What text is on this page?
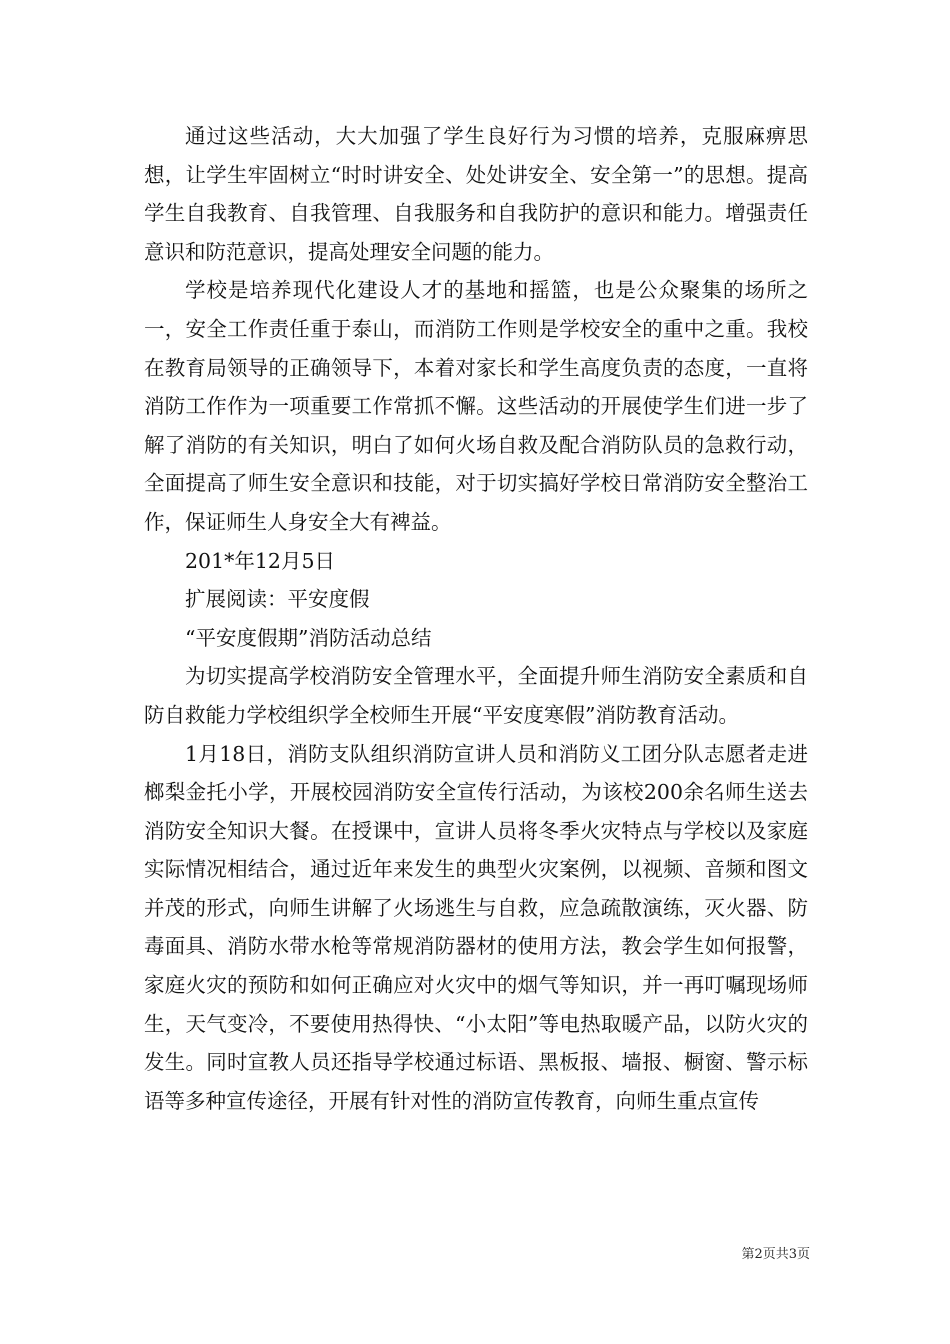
通过这些活动，大大加强了学生良好行为习惯的培养，克服麻痹思想，让学生牢固树立“时时讲安全、处处讲安全、安全第一”的思想。提高学生自我教育、自我管理、自我服务和自我防护的意识和能力。增强责任意识和防范意识，提高处理安全问题的能力。

学校是培养现代化建设人才的基地和摇篮，也是公众聚集的场所之一，安全工作责任重于泰山，而消防工作则是学校安全的重中之重。我校在教育局领导的正确领导下，本着对家长和学生高度负责的态度，一直将消防工作作为一项重要工作常抓不懈。这些活动的开展使学生们进一步了解了消防的有关知识，明白了如何火场自救及配合消防队员的急救行动，全面提高了师生安全意识和技能，对于切实搞好学校日常消防安全整治工作，保证师生人身安全大有裨益。

201*年12月5日

扩展阅读：平安度假

“平安度假期”消防活动总结

为切实提高学校消防安全管理水平，全面提升师生消防安全素质和自防自救能力学校组织学全校师生开展“平安度寒假”消防教育活动。

1月18日，消防支队组织消防宣讲人员和消防义工团分队志愿者走进榔梨金托小学，开展校园消防安全宣传行活动，为该校200余名师生送去消防安全知识大餐。在授课中，宣讲人员将冬季火灾特点与学校以及家庭实际情况相结合，通过近年来发生的典型火灾案例，以视频、音频和图文并茂的形式，向师生讲解了火场逃生与自救，应急疏散演练，灭火器、防毒面具、消防水带水枪等常规消防器材的使用方法，教会学生如何报警，家庭火灾的预防和如何正确应对火灾中的烟气等知识，并一再叮嘱现场师生，天气变冷，不要使用热得快、“小太阳”等电热取暖产品，以防火灾的发生。同时宣教人员还指导学校通过标语、黑板报、墙报、橱窗、警示标语等多种宣传途径，开展有针对性的消防宣传教育，向师生重点宣传

第2页共3页
